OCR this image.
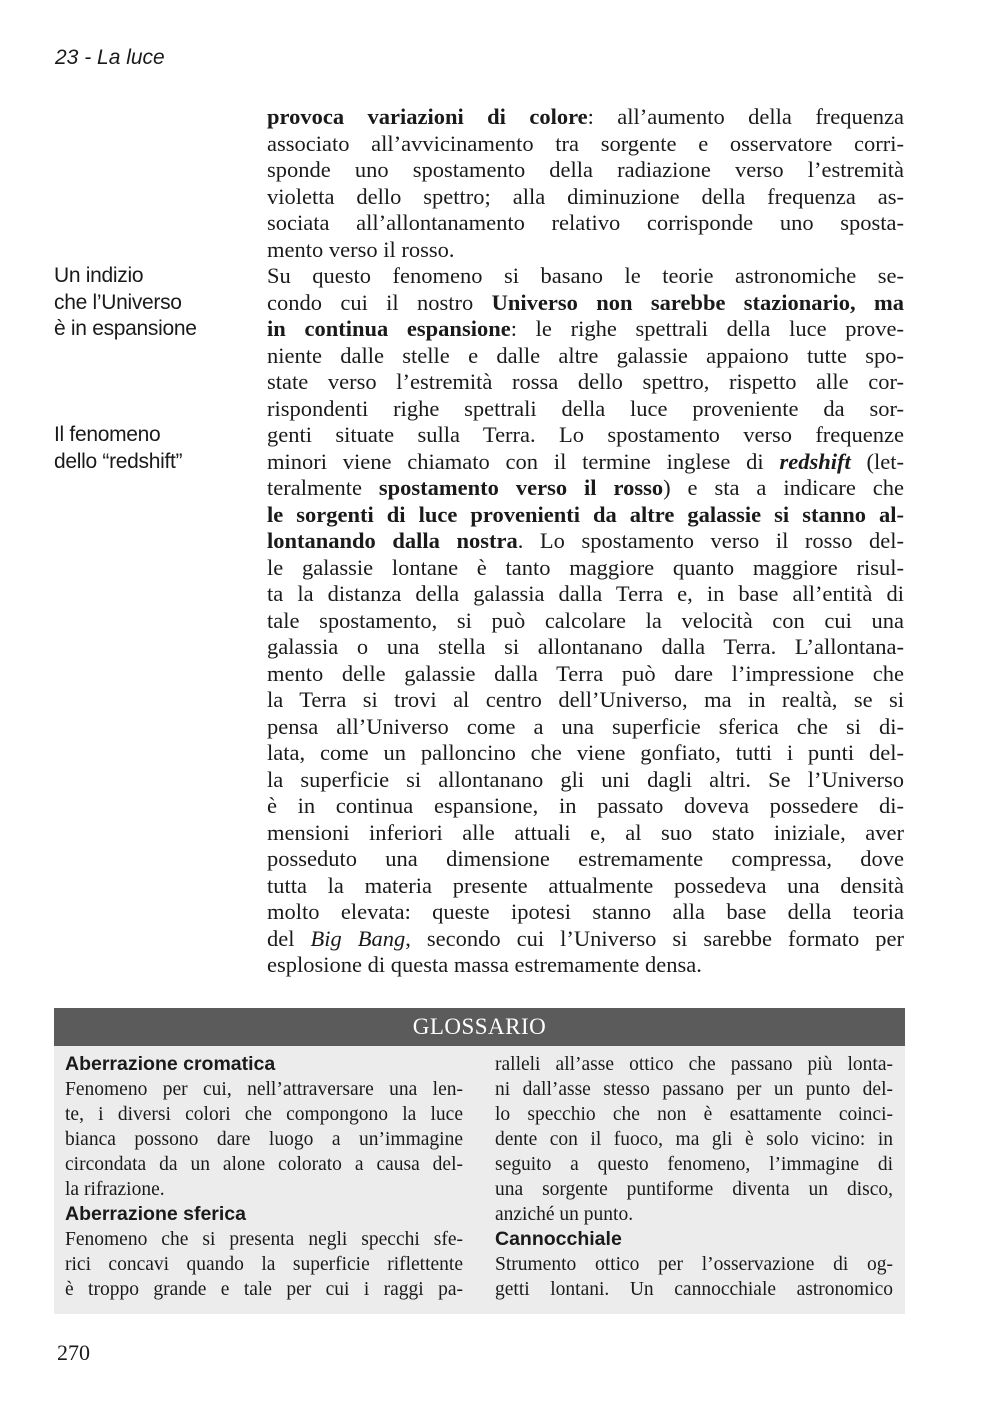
23 - La luce
Un indizio
che l’Universo
è in espansione
Il fenomeno
dello “redshift”
provoca variazioni di colore: all’aumento della frequenza
associato all’avvicinamento tra sorgente e osservatore corri-
sponde uno spostamento della radiazione verso l’estremità
violetta dello spettro; alla diminuzione della frequenza as-
sociata all’allontanamento relativo corrisponde uno sposta-
mento verso il rosso.
Su questo fenomeno si basano le teorie astronomiche se-
condo cui il nostro Universo non sarebbe stazionario, ma
in continua espansione: le righe spettrali della luce prove-
niente dalle stelle e dalle altre galassie appaiono tutte spo-
state verso l’estremità rossa dello spettro, rispetto alle cor-
rispondenti righe spettrali della luce proveniente da sor-
genti situate sulla Terra. Lo spostamento verso frequenze
minori viene chiamato con il termine inglese di redshift (let-
teralmente spostamento verso il rosso) e sta a indicare che
le sorgenti di luce provenienti da altre galassie si stanno al-
lontanando dalla nostra. Lo spostamento verso il rosso del-
le galassie lontane è tanto maggiore quanto maggiore risul-
ta la distanza della galassia dalla Terra e, in base all’entità di
tale spostamento, si può calcolare la velocità con cui una
galassia o una stella si allontanano dalla Terra. L’allontana-
mento delle galassie dalla Terra può dare l’impressione che
la Terra si trovi al centro dell’Universo, ma in realtà, se si
pensa all’Universo come a una superficie sferica che si di-
lata, come un palloncino che viene gonfiato, tutti i punti del-
la superficie si allontanano gli uni dagli altri. Se l’Universo
è in continua espansione, in passato doveva possedere di-
mensioni inferiori alle attuali e, al suo stato iniziale, aver
posseduto una dimensione estremamente compressa, dove
tutta la materia presente attualmente possedeva una densità
molto elevata: queste ipotesi stanno alla base della teoria
del Big Bang, secondo cui l’Universo si sarebbe formato per
esplosione di questa massa estremamente densa.
GLOSSARIO
Aberrazione cromatica
Fenomeno per cui, nell’attraversare una len-
te, i diversi colori che compongono la luce
bianca possono dare luogo a un’immagine
circondata da un alone colorato a causa del-
la rifrazione.
Aberrazione sferica
Fenomeno che si presenta negli specchi sfe-
rici concavi quando la superficie riflettente
è troppo grande e tale per cui i raggi pa-
ralleli all’asse ottico che passano più lonta-
ni dall’asse stesso passano per un punto del-
lo specchio che non è esattamente coinci-
dente con il fuoco, ma gli è solo vicino: in
seguito a questo fenomeno, l’immagine di
una sorgente puntiforme diventa un disco,
anziché un punto.
Cannocchiale
Strumento ottico per l’osservazione di og-
getti lontani. Un cannocchiale astronomico
270
